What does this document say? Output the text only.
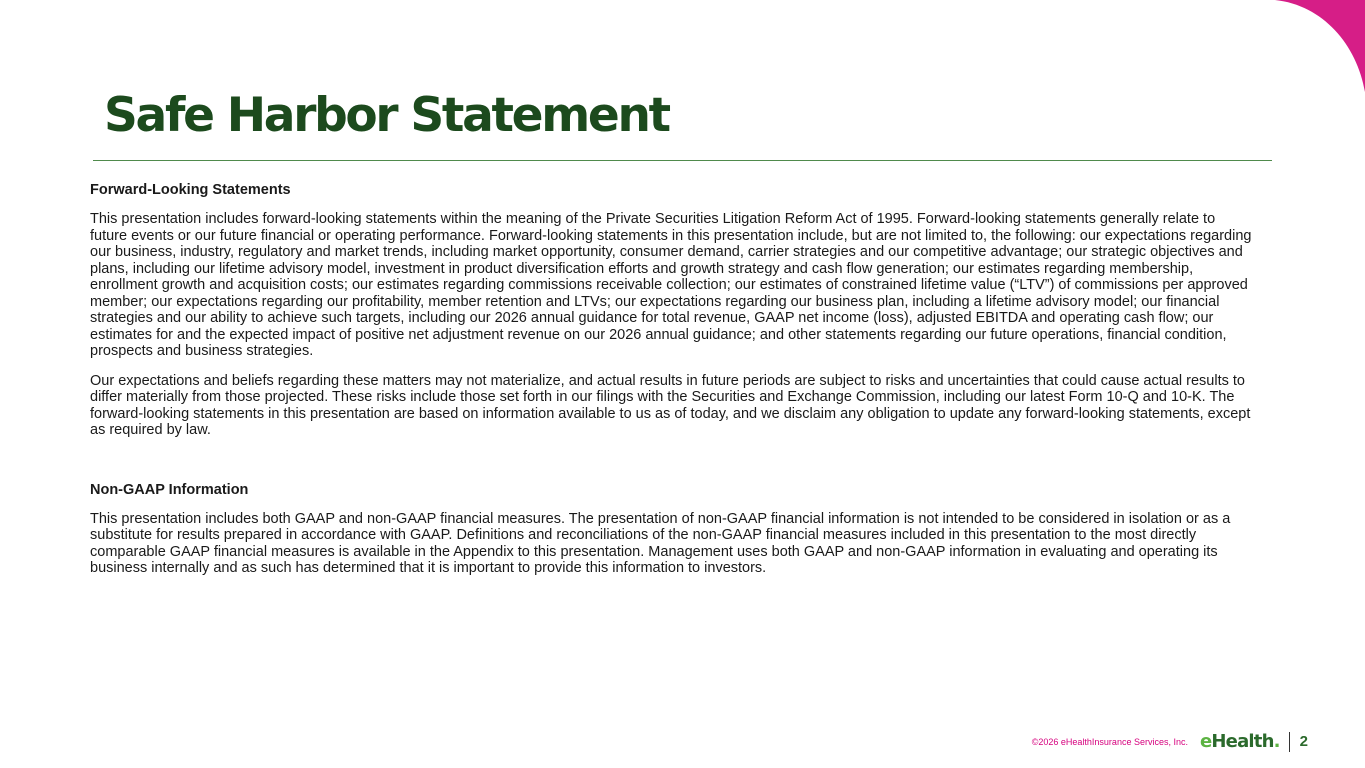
Safe Harbor Statement
Forward-Looking Statements

This presentation includes forward-looking statements within the meaning of the Private Securities Litigation Reform Act of 1995. Forward-looking statements generally relate to future events or our future financial or operating performance. Forward-looking statements in this presentation include, but are not limited to, the following: our expectations regarding our business, industry, regulatory and market trends, including market opportunity, consumer demand, carrier strategies and our competitive advantage; our strategic objectives and plans, including our lifetime advisory model, investment in product diversification efforts and growth strategy and cash flow generation; our estimates regarding membership, enrollment growth and acquisition costs; our estimates regarding commissions receivable collection; our estimates of constrained lifetime value (“LTV”) of commissions per approved member; our expectations regarding our profitability, member retention and LTVs; our expectations regarding our business plan, including a lifetime advisory model; our financial strategies and our ability to achieve such targets, including our 2026 annual guidance for total revenue, GAAP net income (loss), adjusted EBITDA and operating cash flow; our estimates for and the expected impact of positive net adjustment revenue on our 2026 annual guidance; and other statements regarding our future operations, financial condition, prospects and business strategies.

Our expectations and beliefs regarding these matters may not materialize, and actual results in future periods are subject to risks and uncertainties that could cause actual results to differ materially from those projected. These risks include those set forth in our filings with the Securities and Exchange Commission, including our latest Form 10-Q and 10-K. The forward-looking statements in this presentation are based on information available to us as of today, and we disclaim any obligation to update any forward-looking statements, except as required by law.

Non-GAAP Information

This presentation includes both GAAP and non-GAAP financial measures. The presentation of non-GAAP financial information is not intended to be considered in isolation or as a substitute for results prepared in accordance with GAAP. Definitions and reconciliations of the non-GAAP financial measures included in this presentation to the most directly comparable GAAP financial measures is available in the Appendix to this presentation. Management uses both GAAP and non-GAAP information in evaluating and operating its business internally and as such has determined that it is important to provide this information to investors.

©2026 eHealthInsurance Services, Inc. eHealth. 2
